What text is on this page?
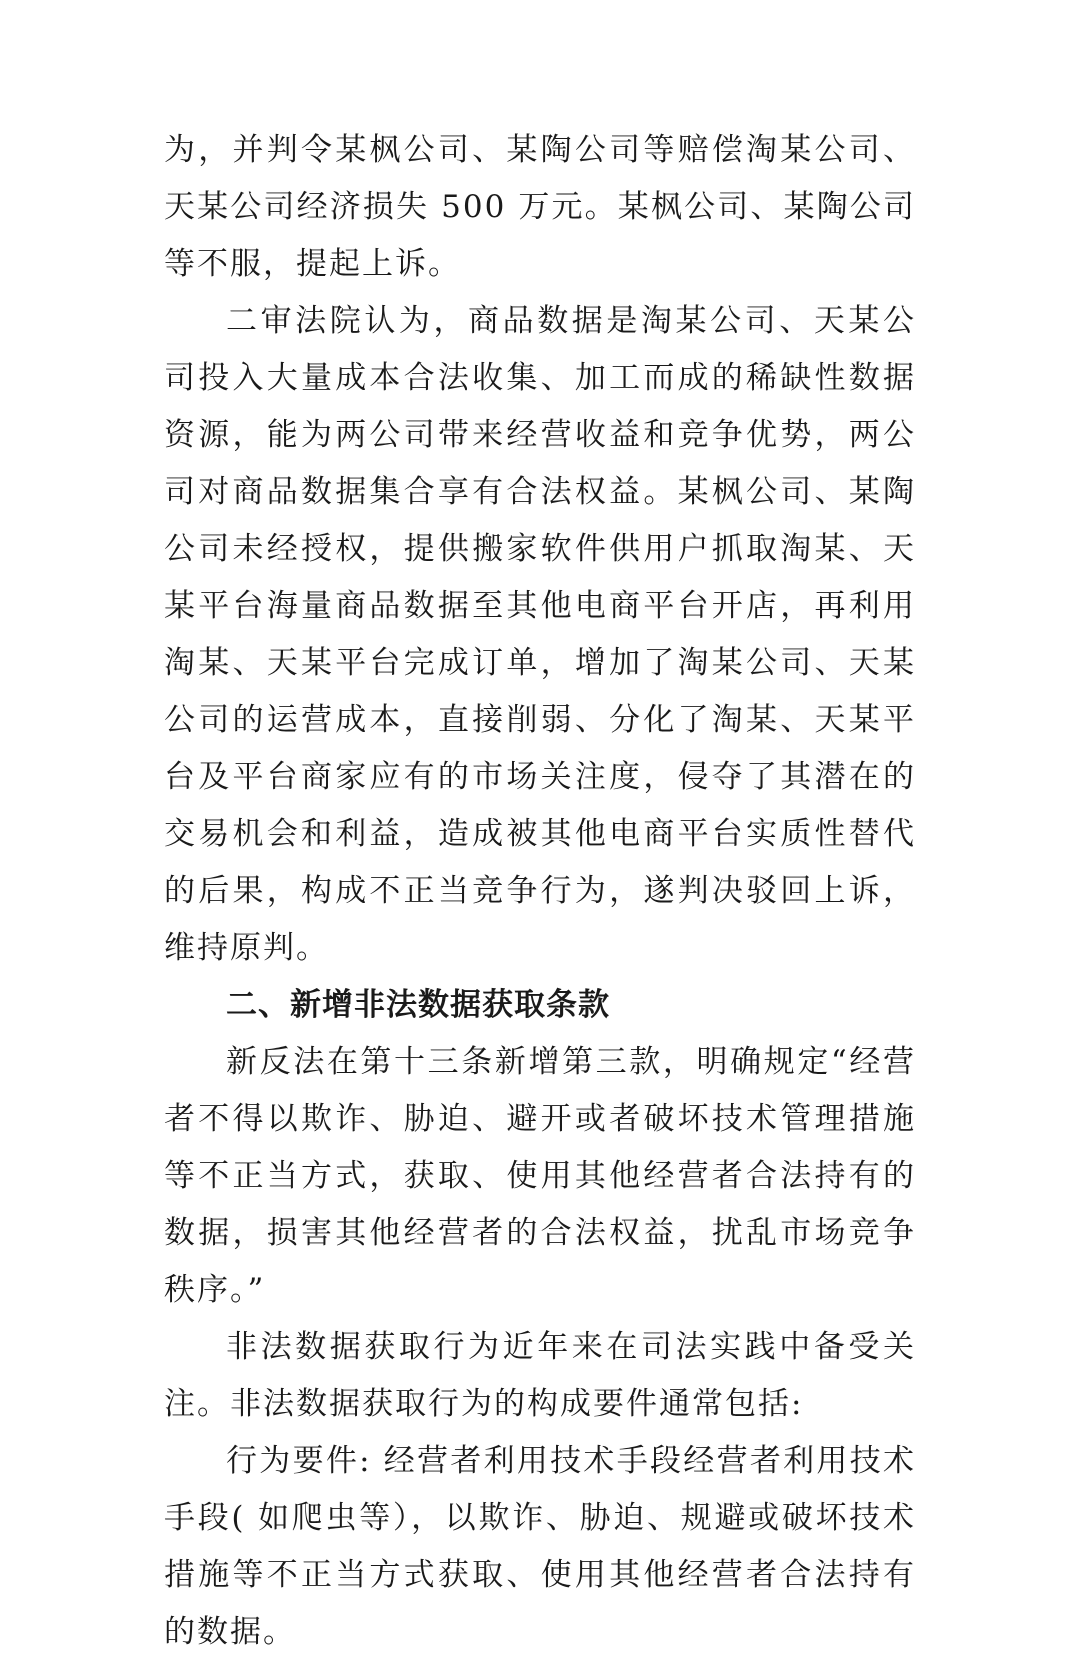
为，并判令某枫公司、某陶公司等赔偿淘某公司、天某公司经济损失 500 万元。某枫公司、某陶公司等不服，提起上诉。

二审法院认为，商品数据是淘某公司、天某公司投入大量成本合法收集、加工而成的稀缺性数据资源，能为两公司带来经营收益和竞争优势，两公司对商品数据集合享有合法权益。某枫公司、某陶公司未经授权，提供搬家软件供用户抓取淘某、天某平台海量商品数据至其他电商平台开店，再利用淘某、天某平台完成订单，增加了淘某公司、天某公司的运营成本，直接削弱、分化了淘某、天某平台及平台商家应有的市场关注度，侵夺了其潜在的交易机会和利益，造成被其他电商平台实质性替代的后果，构成不正当竞争行为，遂判决驳回上诉，维持原判。

二、新增非法数据获取条款

新反法在第十三条新增第三款，明确规定“经营者不得以欺诈、胁迫、避开或者破坏技术管理措施等不正当方式，获取、使用其他经营者合法持有的数据，损害其他经营者的合法权益，扰乱市场竞争秩序。”

非法数据获取行为近年来在司法实践中备受关注。非法数据获取行为的构成要件通常包括:

行为要件: 经营者利用技术手段经营者利用技术手段( 如爬虫等），以欺诈、胁迫、规避或破坏技术措施等不正当方式获取、使用其他经营者合法持有的数据。
